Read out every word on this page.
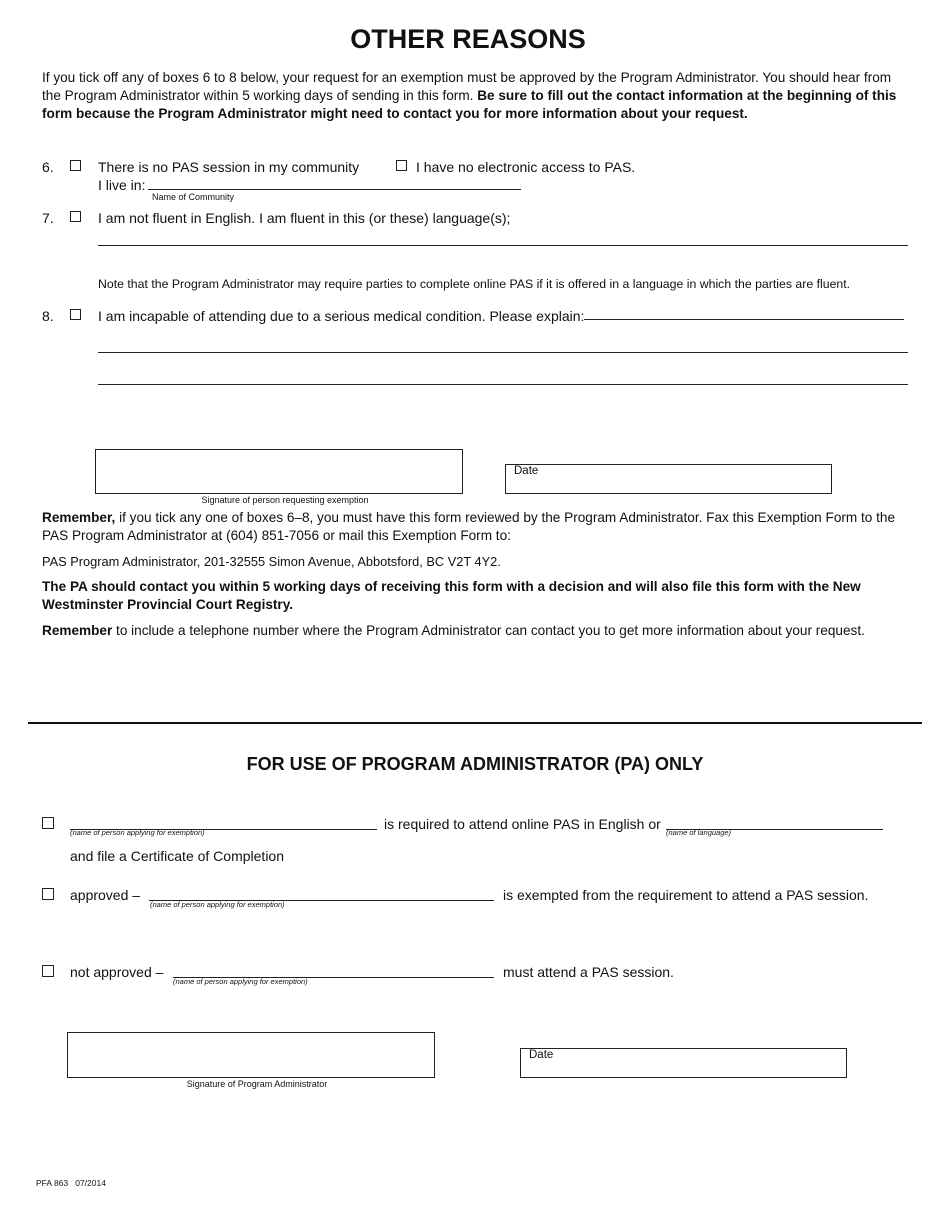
OTHER REASONS
If you tick off any of boxes 6 to 8 below, your request for an exemption must be approved by the Program Administrator. You should hear from the Program Administrator within 5 working days of sending in this form. Be sure to fill out the contact information at the beginning of this form because the Program Administrator might need to contact you for more information about your request.
6.	There is no PAS session in my community	I have no electronic access to PAS.
I live in:
Name of Community
7.	I am not fluent in English. I am fluent in this (or these) language(s);
Note that the Program Administrator may require parties to complete online PAS if it is offered in a language in which the parties are fluent.
8.	I am incapable of attending due to a serious medical condition. Please explain:
Signature of person requesting exemption
Date
Remember, if you tick any one of boxes 6–8, you must have this form reviewed by the Program Administrator. Fax this Exemption Form to the PAS Program Administrator at (604) 851-7056 or mail this Exemption Form to:
PAS Program Administrator, 201-32555 Simon Avenue, Abbotsford, BC V2T 4Y2.
The PA should contact you within 5 working days of receiving this form with a decision and will also file this form with the New Westminster Provincial Court Registry.
Remember to include a telephone number where the Program Administrator can contact you to get more information about your request.
FOR USE OF PROGRAM ADMINISTRATOR (PA) ONLY
(name of person applying for exemption)
is required to attend online PAS in English or
(name of language)
and file a Certificate of Completion
approved –
(name of person applying for exemption)
is exempted from the requirement to attend a PAS session.
not approved –
(name of person applying for exemption)
must attend a PAS session.
Signature of Program Administrator
Date
PFA 863   07/2014
